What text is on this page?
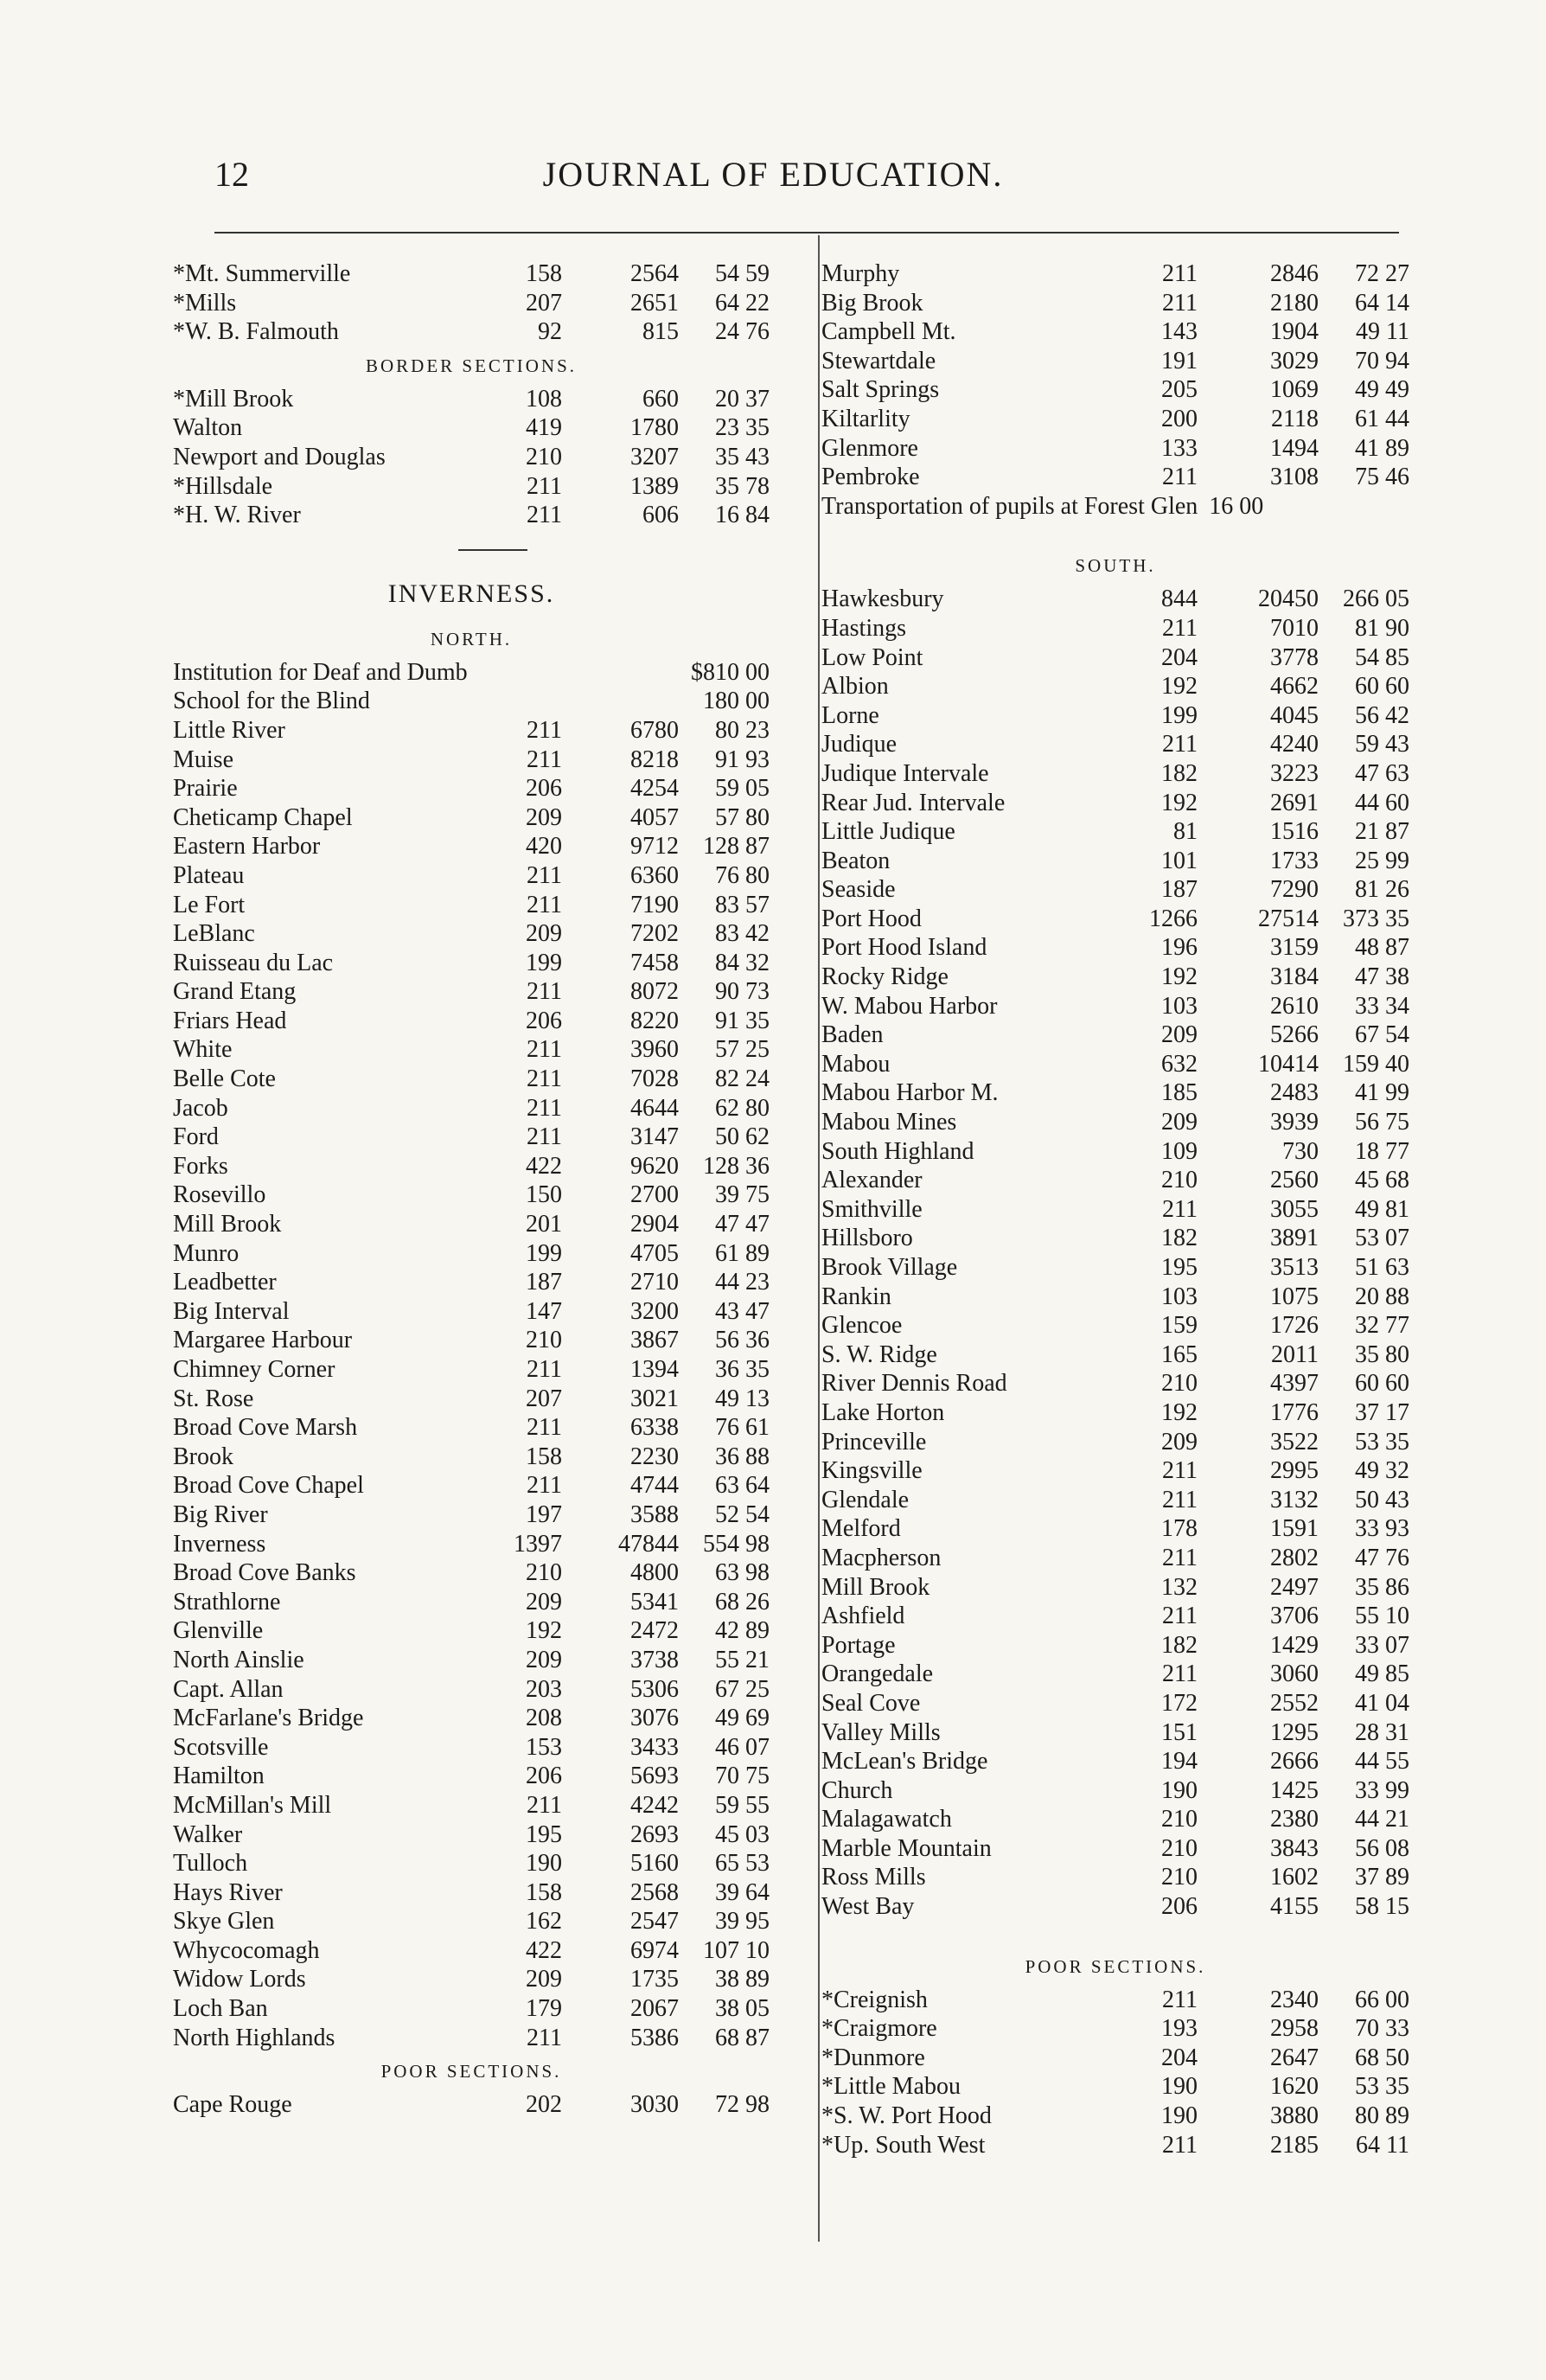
12	JOURNAL OF EDUCATION.
*Mt. Summerville	158	2564	54 59
*Mills	207	2651	64 22
*W. B. Falmouth	92	815	24 76
BORDER SECTIONS.
*Mill Brook	108	660	20 37
Walton	419	1780	23 35
Newport and Douglas	210	3207	35 43
*Hillsdale	211	1389	35 78
*H. W. River	211	606	16 84
INVERNESS.
NORTH.
Institution for Deaf and Dumb	$810 00
School for the Blind	180 00
Little River	211	6780	80 23
Muise	211	8218	91 93
Prairie	206	4254	59 05
Cheticamp Chapel	209	4057	57 80
Eastern Harbor	420	9712	128 87
Plateau	211	6360	76 80
Le Fort	211	7190	83 57
LeBlanc	209	7202	83 42
Ruisseau du Lac	199	7458	84 32
Grand Etang	211	8072	90 73
Friars Head	206	8220	91 35
White	211	3960	57 25
Belle Cote	211	7028	82 24
Jacob	211	4644	62 80
Ford	211	3147	50 62
Forks	422	9620	128 36
Rosevillo	150	2700	39 75
Mill Brook	201	2904	47 47
Munro	199	4705	61 89
Leadbetter	187	2710	44 23
Big Interval	147	3200	43 47
Margaree Harbour	210	3867	56 36
Chimney Corner	211	1394	36 35
St. Rose	207	3021	49 13
Broad Cove Marsh	211	6338	76 61
Brook	158	2230	36 88
Broad Cove Chapel	211	4744	63 64
Big River	197	3588	52 54
Inverness	1397	47844	554 98
Broad Cove Banks	210	4800	63 98
Strathlorne	209	5341	68 26
Glenville	192	2472	42 89
North Ainslie	209	3738	55 21
Capt. Allan	203	5306	67 25
McFarlane's Bridge	208	3076	49 69
Scotsville	153	3433	46 07
Hamilton	206	5693	70 75
McMillan's Mill	211	4242	59 55
Walker	195	2693	45 03
Tulloch	190	5160	65 53
Hays River	158	2568	39 64
Skye Glen	162	2547	39 95
Whycocomagh	422	6974	107 10
Widow Lords	209	1735	38 89
Loch Ban	179	2067	38 05
North Highlands	211	5386	68 87
POOR SECTIONS.
Cape Rouge	202	3030	72 98
Murphy	211	2846	72 27
Big Brook	211	2180	64 14
Campbell Mt.	143	1904	49 11
Stewartdale	191	3029	70 94
Salt Springs	205	1069	49 49
Kiltarlity	200	2118	61 44
Glenmore	133	1494	41 89
Pembroke	211	3108	75 46
Transportation of pupils at Forest Glen 16 00
SOUTH.
Hawkesbury	844	20450	266 05
Hastings	211	7010	81 90
Low Point	204	3778	54 85
Albion	192	4662	60 60
Lorne	199	4045	56 42
Judique	211	4240	59 43
Judique Intervale	182	3223	47 63
Rear Jud. Intervale	192	2691	44 60
Little Judique	81	1516	21 87
Beaton	101	1733	25 99
Seaside	187	7290	81 26
Port Hood	1266	27514	373 35
Port Hood Island	196	3159	48 87
Rocky Ridge	192	3184	47 38
W. Mabou Harbor	103	2610	33 34
Baden	209	5266	67 54
Mabou	632	10414	159 40
Mabou Harbor M.	185	2483	41 99
Mabou Mines	209	3939	56 75
South Highland	109	730	18 77
Alexander	210	2560	45 68
Smithville	211	3055	49 81
Hillsboro	182	3891	53 07
Brook Village	195	3513	51 63
Rankin	103	1075	20 88
Glencoe	159	1726	32 77
S. W. Ridge	165	2011	35 80
River Dennis Road	210	4397	60 60
Lake Horton	192	1776	37 17
Princeville	209	3522	53 35
Kingsville	211	2995	49 32
Glendale	211	3132	50 43
Melford	178	1591	33 93
Macpherson	211	2802	47 76
Mill Brook	132	2497	35 86
Ashfield	211	3706	55 10
Portage	182	1429	33 07
Orangedale	211	3060	49 85
Seal Cove	172	2552	41 04
Valley Mills	151	1295	28 31
McLean's Bridge	194	2666	44 55
Church	190	1425	33 99
Malagawatch	210	2380	44 21
Marble Mountain	210	3843	56 08
Ross Mills	210	1602	37 89
West Bay	206	4155	58 15
POOR SECTIONS.
*Creignish	211	2340	66 00
*Craigmore	193	2958	70 33
*Dunmore	204	2647	68 50
*Little Mabou	190	1620	53 35
*S. W. Port Hood	190	3880	80 89
*Up. South West	211	2185	64 11
